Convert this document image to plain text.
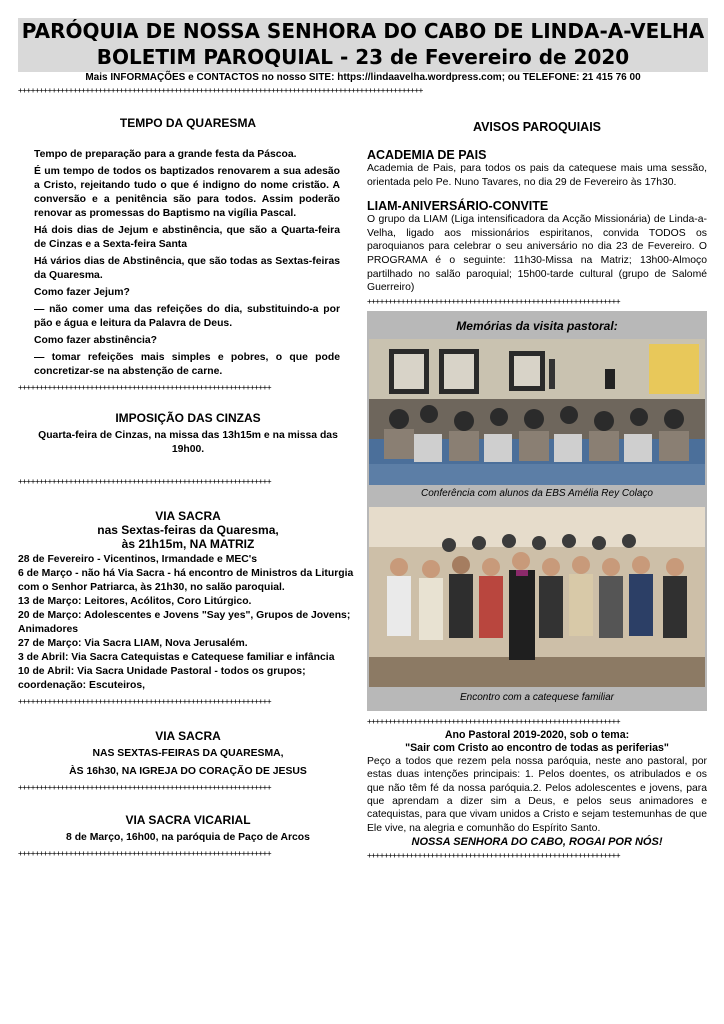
PARÓQUIA DE NOSSA SENHORA DO CABO DE LINDA-A-VELHA
BOLETIM PAROQUIAL - 23 de Fevereiro de 2020
Mais INFORMAÇÕES e CONTACTOS no nosso SITE: https://lindaavelha.wordpress.com; ou TELEFONE: 21 415 76 00
++++++++++++++++++++++++++++++++++++++++++++++++++++++++++++++++++++++++++++++++++++++++++++++++
TEMPO DA QUARESMA

Tempo de preparação para a grande festa da Páscoa.

É um tempo de todos os baptizados renovarem a sua adesão a Cristo, rejeitando tudo o que é indigno do nome cristão. A conversão e a penitência são para todos. Assim poderão renovar as promessas do Baptismo na vigília Pascal.

Há dois dias de Jejum e abstinência, que são a Quarta-feira de Cinzas e a Sexta-feira Santa

Há vários dias de Abstinência, que são todas as Sextas-feiras da Quaresma.

Como fazer Jejum?

— não comer uma das refeições do dia, substituindo-a por pão e água e leitura da Palavra de Deus.

Como fazer abstinência?

— tomar refeições mais simples e pobres, o que pode concretizar-se na abstenção de carne.

++++++++++++++++++++++++++++++++++++++++++++++++++++++++++++
IMPOSIÇÃO DAS CINZAS
Quarta-feira de Cinzas, na missa das 13h15m e na missa das 19h00.
++++++++++++++++++++++++++++++++++++++++++++++++++++++++++++
VIA SACRA
nas Sextas-feiras da Quaresma,
às 21h15m, NA MATRIZ

28 de Fevereiro - Vicentinos, Irmandade e MEC's

6 de Março - não há Via Sacra - há encontro de Ministros da Liturgia com o Senhor Patriarca, às 21h30, no salão paroquial.

13 de Março: Leitores, Acólitos, Coro Litúrgico.

20 de Março: Adolescentes e Jovens "Say yes", Grupos de Jovens; Animadores

27 de Março: Via Sacra LIAM, Nova Jerusalém.

3 de Abril: Via Sacra Catequistas e Catequese familiar e infância

10 de Abril: Via Sacra Unidade Pastoral - todos os grupos; coordenação: Escuteiros,

++++++++++++++++++++++++++++++++++++++++++++++++++++++++++++
VIA SACRA
NAS SEXTAS-FEIRAS DA QUARESMA,
ÀS 16h30, NA IGREJA DO CORAÇÃO DE JESUS
++++++++++++++++++++++++++++++++++++++++++++++++++++++++++++
VIA SACRA VICARIAL
8 de Março, 16h00, na paróquia de Paço de Arcos
++++++++++++++++++++++++++++++++++++++++++++++++++++++++++++
AVISOS PAROQUIAIS
ACADEMIA DE PAIS
Academia de Pais, para todos os pais da catequese mais uma sessão, orientada pelo Pe. Nuno Tavares, no dia 29 de Fevereiro às 17h30.
LIAM-ANIVERSÁRIO-CONVITE
O grupo da LIAM (Liga intensificadora da Acção Missionária) de Linda-a-Velha, ligado aos missionários espiritanos, convida TODOS os paroquianos para celebrar o seu aniversário no dia 23 de Fevereiro. O PROGRAMA é o seguinte: 11h30-Missa na Matriz; 13h00-Almoço partilhado no salão paroquial; 15h00-tarde cultural (grupo de Salomé Guerreiro)
++++++++++++++++++++++++++++++++++++++++++++++++++++++++++++
Memórias da visita pastoral:
Conferência com alunos da EBS Amélia Rey Colaço
Encontro com a catequese familiar
++++++++++++++++++++++++++++++++++++++++++++++++++++++++++++
Ano Pastoral 2019-2020, sob o tema:
"Sair com Cristo ao encontro de todas as periferias"
Peço a todos que rezem pela nossa paróquia, neste ano pastoral, por estas duas intenções principais: 1. Pelos doentes, os atribulados e os que não têm fé da nossa paróquia.2. Pelos adolescentes e jovens, para que aprendam a dizer sim a Deus, e pelos seus animadores e catequistas, para que vivam unidos a Cristo e sejam testemunhas de que Ele vive, na alegria e comunhão do Espírito Santo.
NOSSA SENHORA DO CABO, ROGAI POR NÓS!
++++++++++++++++++++++++++++++++++++++++++++++++++++++++++++
